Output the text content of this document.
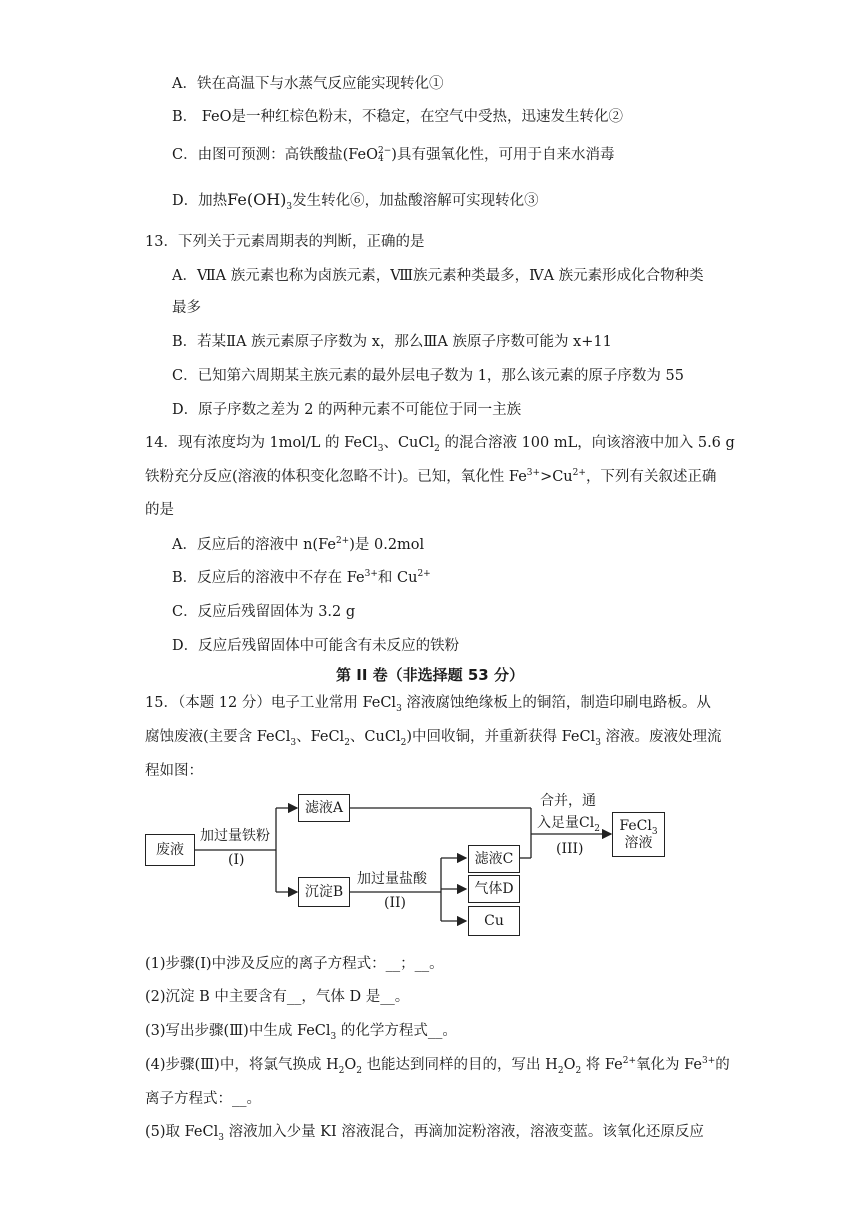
A．铁在高温下与水蒸气反应能实现转化①
B． FeO是一种红棕色粉末，不稳定，在空气中受热，迅速发生转化②
C．由图可预测：高铁酸盐(FeO 2−
4 )具有强氧化性，可用于自来水消毒
D．加热$Fe(OH)_3$发生转化⑥，加盐酸溶解可实现转化③
13．下列关于元素周期表的判断，正确的是
A．ⅦA 族元素也称为卤族元素，Ⅷ族元素种类最多，ⅣA 族元素形成化合物种类
最多
B．若某ⅡA 族元素原子序数为 x，那么ⅢA 族原子序数可能为 x+11
C．已知第六周期某主族元素的最外层电子数为 1，那么该元素的原子序数为 55
D．原子序数之差为 2 的两种元素不可能位于同一主族
14．现有浓度均为 1mol/L 的 FeCl$_3$、CuCl$_2$ 的混合溶液 100 mL，向该溶液中加入 5.6 g
铁粉充分反应(溶液的体积变化忽略不计)。已知，氧化性 $Fe^{3+}>Cu^{2+}$，下列有关叙述正确
的是
A．反应后的溶液中 $n(Fe^{2+})$是 0.2mol
B．反应后的溶液中不存在 $Fe^{3+}$和 $Cu^{2+}$
C．反应后残留固体为 3.2 g
D．反应后残留固体中可能含有未反应的铁粉
第 II 卷（非选择题 53 分）
15．（本题 12 分）电子工业常用 FeCl$_3$ 溶液腐蚀绝缘板上的铜箔，制造印刷电路板。从
腐蚀废液(主要含 FeCl$_3$、FeCl$_2$、CuCl$_2$)中回收铜，并重新获得 FeCl$_3$ 溶液。废液处理流
程如图：
废液
滤液A
沉淀B
滤液C
气体D
Cu
FeCl$_3$
溶液
加过量铁粉
(I)
加过量盐酸
(II)
合并，通
入足量$Cl_2$
(III)
(1)步骤(Ⅰ)中涉及反应的离子方程式：__；__。
(2)沉淀 B 中主要含有__，气体 D 是__。
(3)写出步骤(Ⅲ)中生成 FeCl$_3$ 的化学方程式__。
(4)步骤(Ⅲ)中，将氯气换成 $H_2O_2$ 也能达到同样的目的，写出 $H_2O_2$ 将 $Fe^{2+}$氧化为 $Fe^{3+}$的
离子方程式：__。
(5)取 FeCl$_3$ 溶液加入少量 KI 溶液混合，再滴加淀粉溶液，溶液变蓝。该氧化还原反应
